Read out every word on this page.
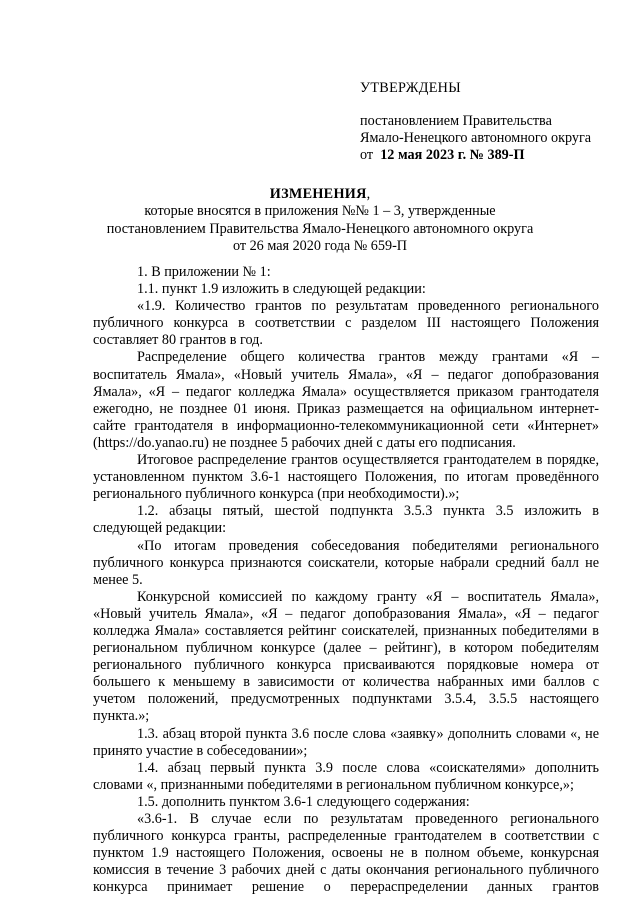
УТВЕРЖДЕНЫ
постановлением Правительства
Ямало-Ненецкого автономного округа
от  12 мая 2023 г. № 389-П
ИЗМЕНЕНИЯ,
которые вносятся в приложения №№ 1 – 3, утвержденные
постановлением Правительства Ямало-Ненецкого автономного округа
от 26 мая 2020 года № 659-П

1. В приложении № 1:

1.1. пункт 1.9 изложить в следующей редакции:

«1.9. Количество грантов по результатам проведенного регионального публичного конкурса в соответствии с разделом III настоящего Положения составляет 80 грантов в год.

Распределение общего количества грантов между грантами «Я – воспитатель Ямала», «Новый учитель Ямала», «Я – педагог допобразования Ямала», «Я – педагог колледжа Ямала» осуществляется приказом грантодателя ежегодно, не позднее 01 июня. Приказ размещается на официальном интернет-сайте грантодателя в информационно-телекоммуникационной сети «Интернет» (https://do.yanao.ru) не позднее 5 рабочих дней с даты его подписания.

Итоговое распределение грантов осуществляется грантодателем в порядке, установленном пунктом 3.6-1 настоящего Положения, по итогам проведённого регионального публичного конкурса (при необходимости).»;

1.2. абзацы пятый, шестой подпункта 3.5.3 пункта 3.5 изложить в следующей редакции:

«По итогам проведения собеседования победителями регионального публичного конкурса признаются соискатели, которые набрали средний балл не менее 5.

Конкурсной комиссией по каждому гранту «Я – воспитатель Ямала», «Новый учитель Ямала», «Я – педагог допобразования Ямала», «Я – педагог колледжа Ямала» составляется рейтинг соискателей, признанных победителями в региональном публичном конкурсе (далее – рейтинг), в котором победителям регионального публичного конкурса присваиваются порядковые номера от большего к меньшему в зависимости от количества набранных ими баллов с учетом положений, предусмотренных подпунктами 3.5.4, 3.5.5 настоящего пункта.»;

1.3. абзац второй пункта 3.6 после слова «заявку» дополнить словами «, не принято участие в собеседовании»;

1.4. абзац первый пункта 3.9 после слова «соискателями» дополнить словами «, признанными победителями в региональном публичном конкурсе,»;

1.5. дополнить пунктом 3.6-1 следующего содержания:

«3.6-1. В случае если по результатам проведенного регионального публичного конкурса гранты, распределенные грантодателем в соответствии с пунктом 1.9 настоящего Положения, освоены не в полном объеме, конкурсная комиссия в течение 3 рабочих дней с даты окончания регионального публичного конкурса принимает решение о перераспределении данных грантов
